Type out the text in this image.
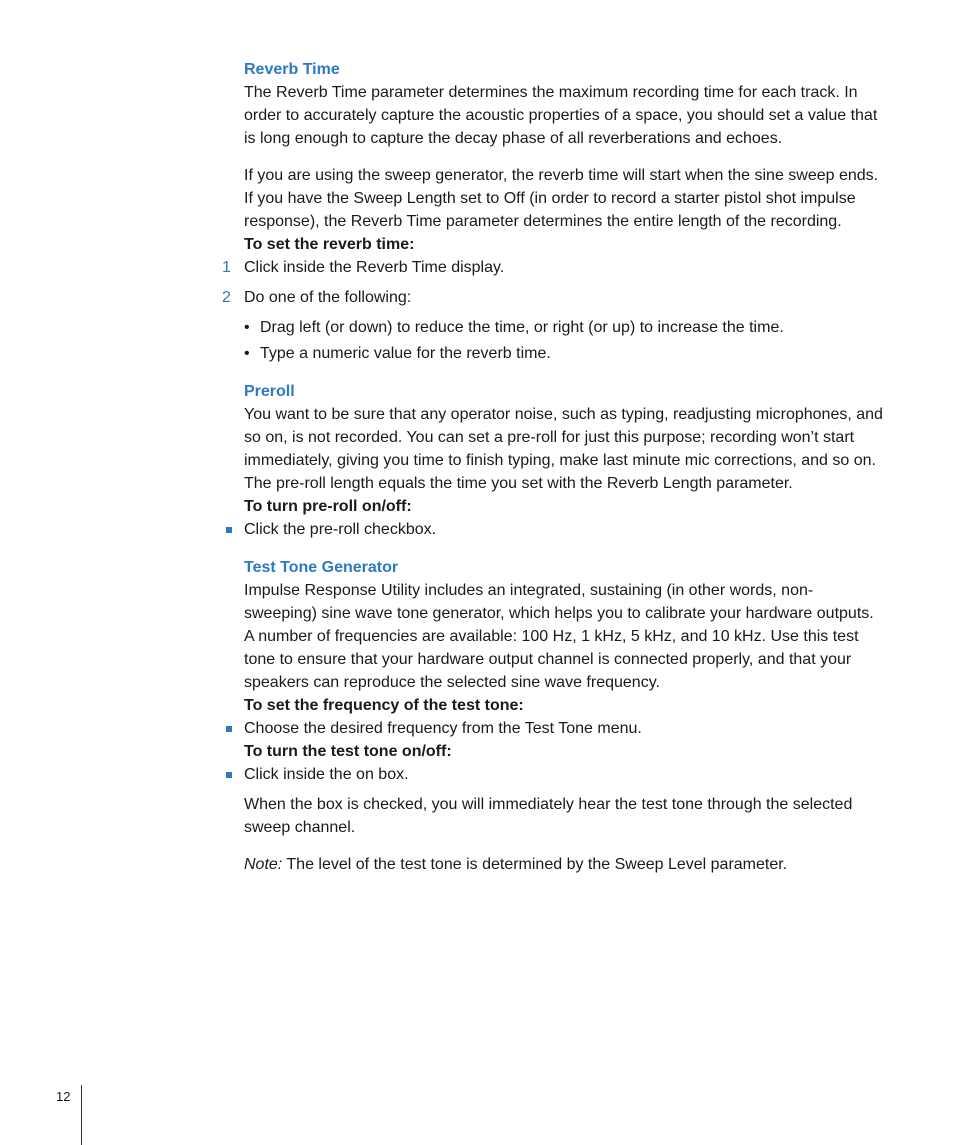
Reverb Time

The Reverb Time parameter determines the maximum recording time for each track. In order to accurately capture the acoustic properties of a space, you should set a value that is long enough to capture the decay phase of all reverberations and echoes.

If you are using the sweep generator, the reverb time will start when the sine sweep ends. If you have the Sweep Length set to Off (in order to record a starter pistol shot impulse response), the Reverb Time parameter determines the entire length of the recording.

To set the reverb time:

1 Click inside the Reverb Time display.
2 Do one of the following:
• Drag left (or down) to reduce the time, or right (or up) to increase the time.
• Type a numeric value for the reverb time.
Preroll

You want to be sure that any operator noise, such as typing, readjusting microphones, and so on, is not recorded. You can set a pre-roll for just this purpose; recording won’t start immediately, giving you time to finish typing, make last minute mic corrections, and so on. The pre-roll length equals the time you set with the Reverb Length parameter.

To turn pre-roll on/off:

Click the pre-roll checkbox.
Test Tone Generator

Impulse Response Utility includes an integrated, sustaining (in other words, non-sweeping) sine wave tone generator, which helps you to calibrate your hardware outputs. A number of frequencies are available: 100 Hz, 1 kHz, 5 kHz, and 10 kHz. Use this test tone to ensure that your hardware output channel is connected properly, and that your speakers can reproduce the selected sine wave frequency.

To set the frequency of the test tone:

Choose the desired frequency from the Test Tone menu.

To turn the test tone on/off:

Click inside the on box.

When the box is checked, you will immediately hear the test tone through the selected sweep channel.

Note: The level of the test tone is determined by the Sweep Level parameter.

12
